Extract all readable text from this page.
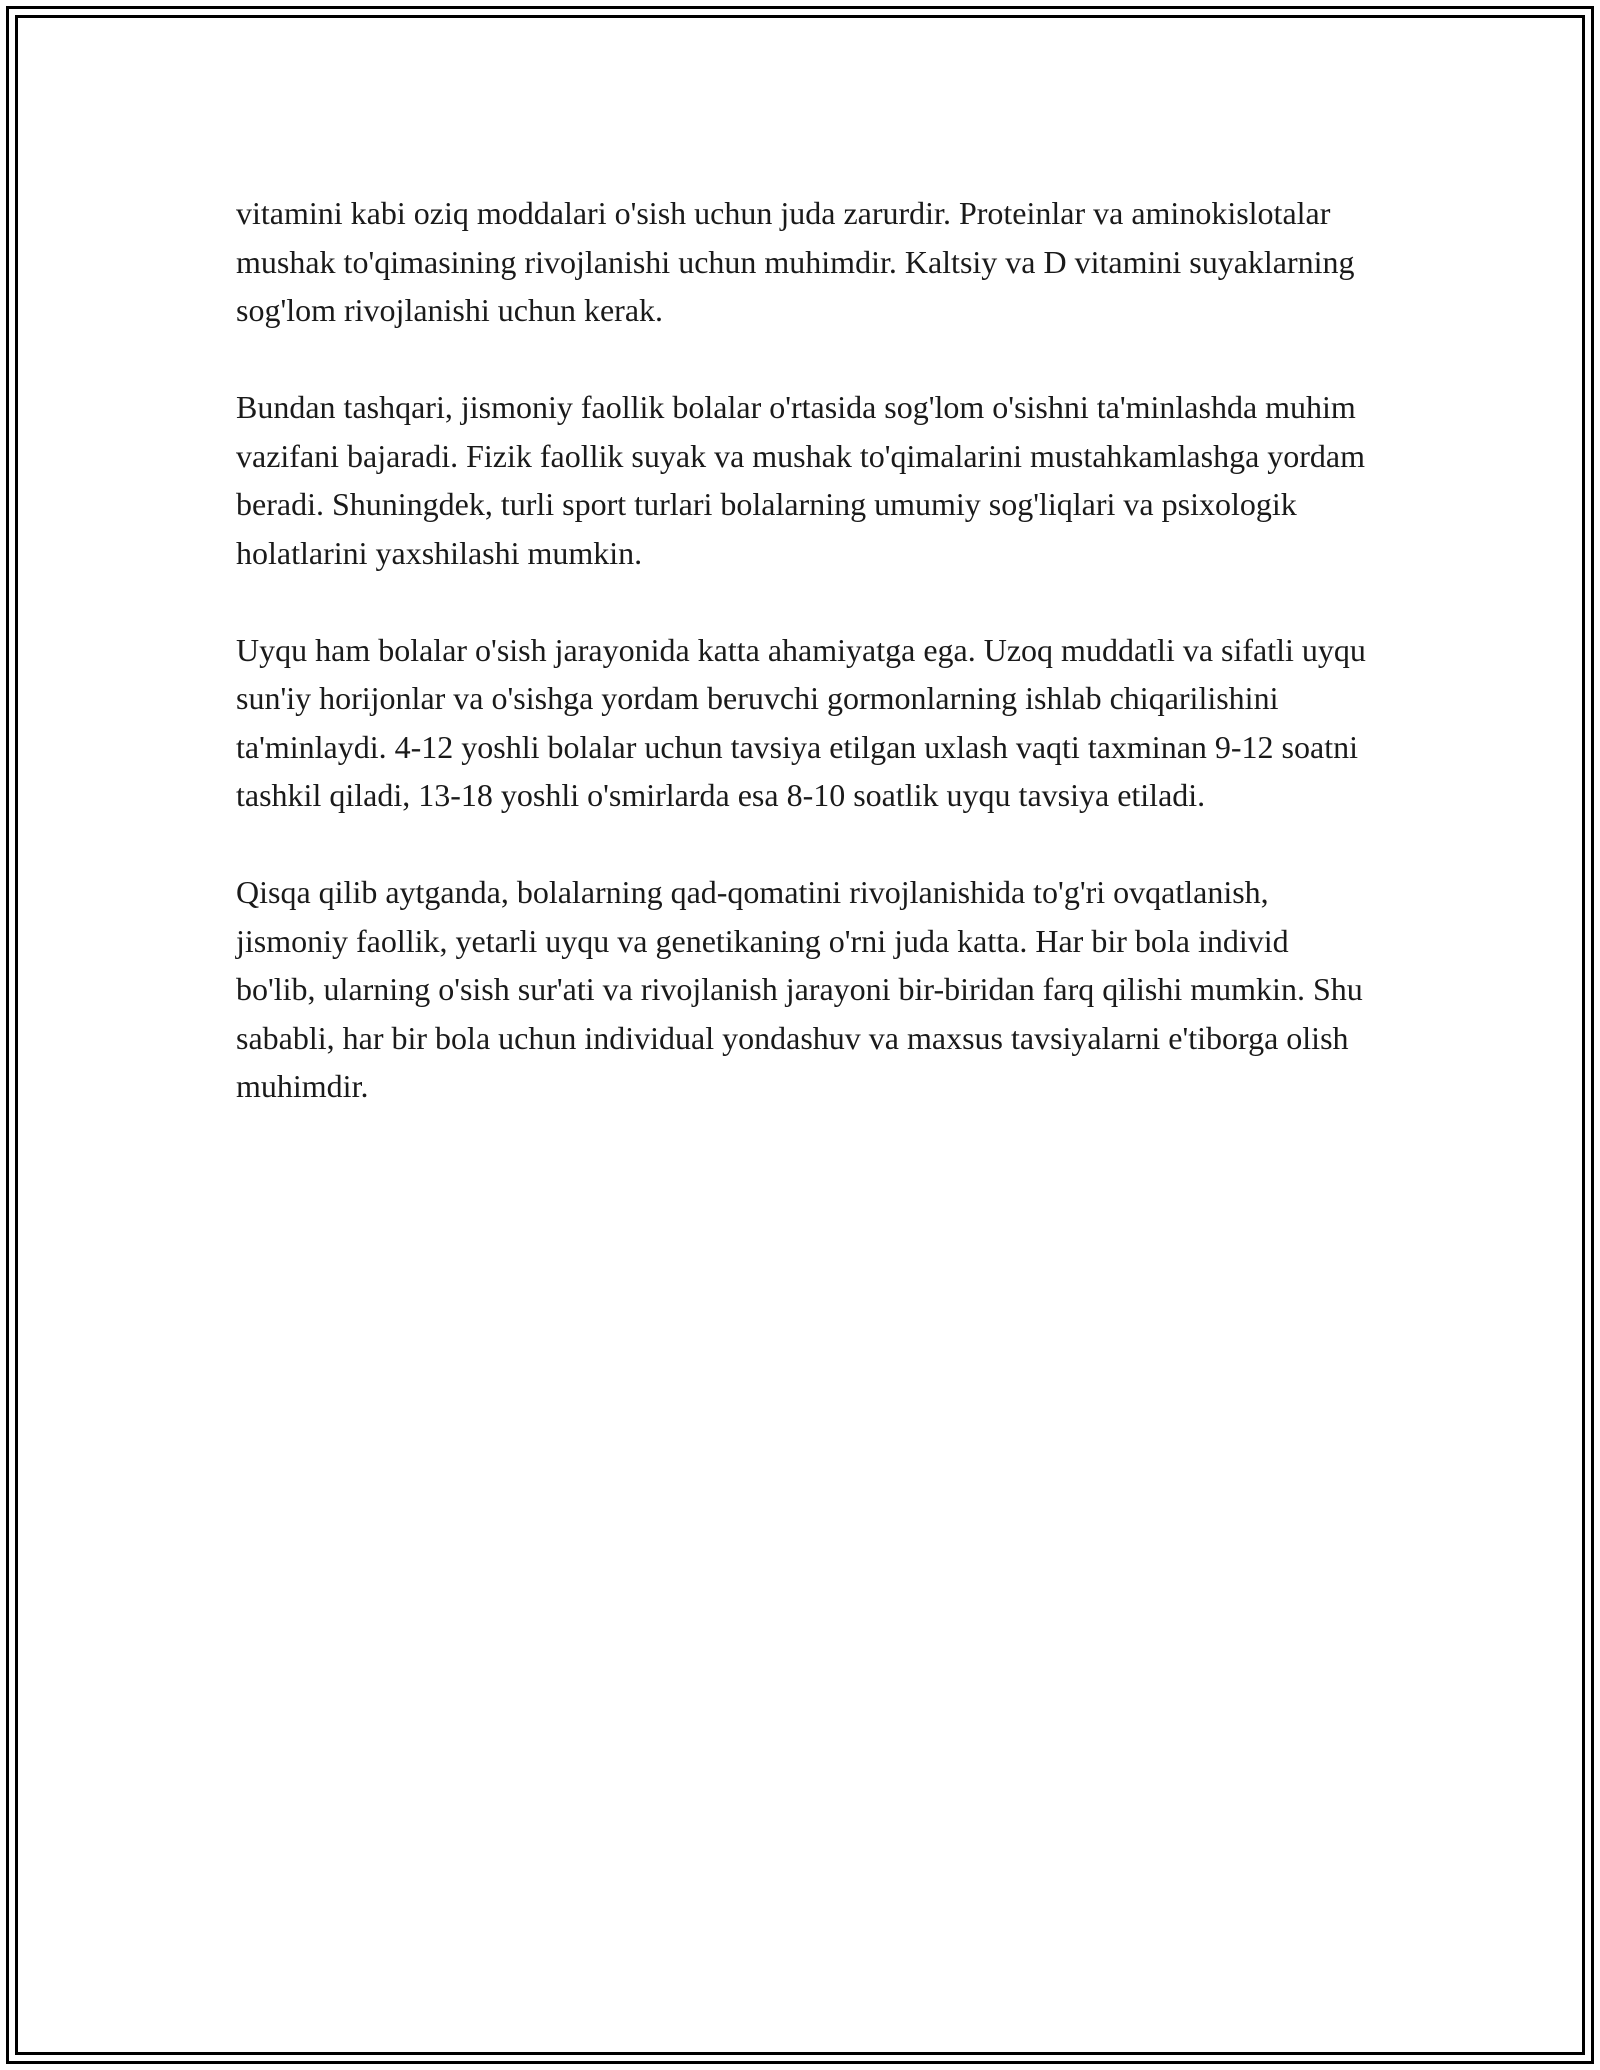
vitamini kabi oziq moddalari o'sish uchun juda zarurdir. Proteinlar va aminokislotalar mushak to'qimasining rivojlanishi uchun muhimdir. Kaltsiy va D vitamini suyaklarning sog'lom rivojlanishi uchun kerak.

Bundan tashqari, jismoniy faollik bolalar o'rtasida sog'lom o'sishni ta'minlashda muhim vazifani bajaradi. Fizik faollik suyak va mushak to'qimalarini mustahkamlashga yordam beradi. Shuningdek, turli sport turlari bolalarning umumiy sog'liqlari va psixologik holatlarini yaxshilashi mumkin.

Uyqu ham bolalar o'sish jarayonida katta ahamiyatga ega. Uzoq muddatli va sifatli uyqu sun'iy horijonlar va o'sishga yordam beruvchi gormonlarning ishlab chiqarilishini ta'minlaydi. 4-12 yoshli bolalar uchun tavsiya etilgan uxlash vaqti taxminan 9-12 soatni tashkil qiladi, 13-18 yoshli o'smirlarda esa 8-10 soatlik uyqu tavsiya etiladi.

Qisqa qilib aytganda, bolalarning qad-qomatini rivojlanishida to'g'ri ovqatlanish, jismoniy faollik, yetarli uyqu va genetikaning o'rni juda katta. Har bir bola individ bo'lib, ularning o'sish sur'ati va rivojlanish jarayoni bir-biridan farq qilishi mumkin. Shu sababli, har bir bola uchun individual yondashuv va maxsus tavsiyalarni e'tiborga olish muhimdir.
